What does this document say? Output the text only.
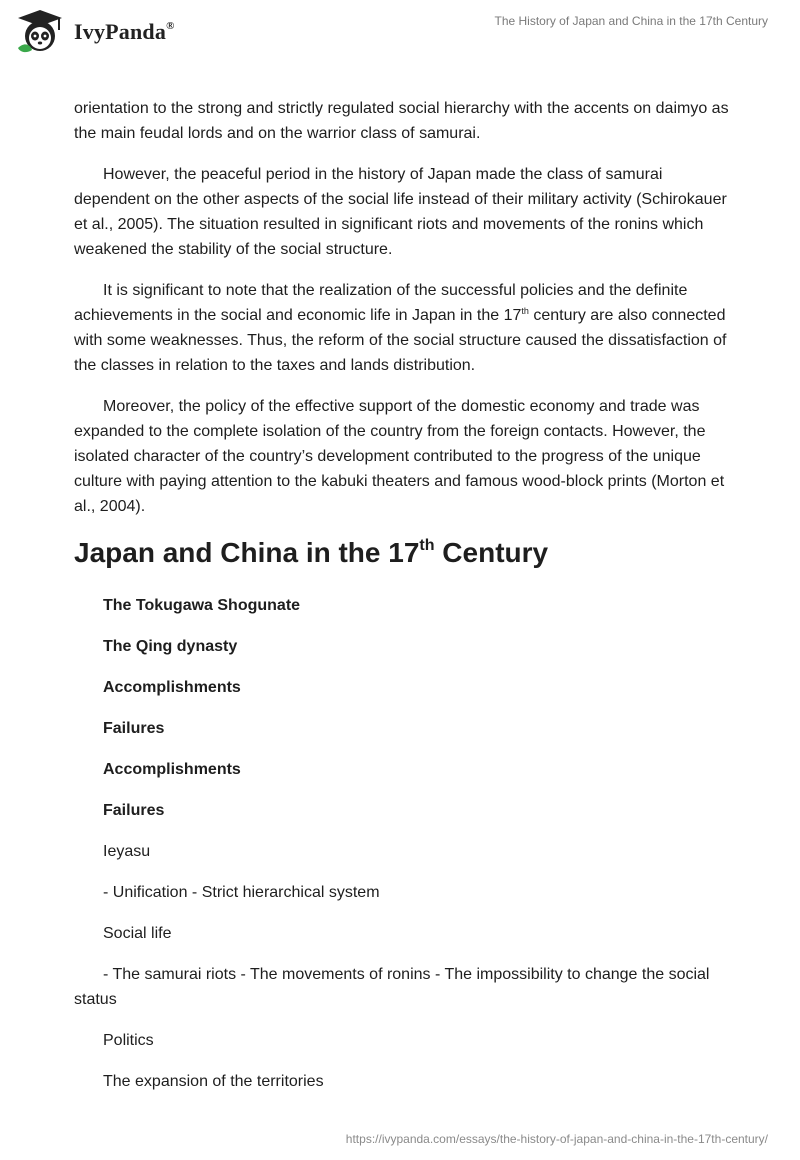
IvyPanda®	The History of Japan and China in the 17th Century

orientation to the strong and strictly regulated social hierarchy with the accents on daimyo as the main feudal lords and on the warrior class of samurai.

However, the peaceful period in the history of Japan made the class of samurai dependent on the other aspects of the social life instead of their military activity (Schirokauer et al., 2005). The situation resulted in significant riots and movements of the ronins which weakened the stability of the social structure.

It is significant to note that the realization of the successful policies and the definite achievements in the social and economic life in Japan in the 17th century are also connected with some weaknesses. Thus, the reform of the social structure caused the dissatisfaction of the classes in relation to the taxes and lands distribution.

Moreover, the policy of the effective support of the domestic economy and trade was expanded to the complete isolation of the country from the foreign contacts. However, the isolated character of the country’s development contributed to the progress of the unique culture with paying attention to the kabuki theaters and famous wood-block prints (Morton et al., 2004).

Japan and China in the 17th Century

The Tokugawa Shogunate

The Qing dynasty

Accomplishments

Failures

Accomplishments

Failures

Ieyasu

- Unification - Strict hierarchical system

Social life

- The samurai riots - The movements of ronins - The impossibility to change the social status

Politics

The expansion of the territories

https://ivypanda.com/essays/the-history-of-japan-and-china-in-the-17th-century/
